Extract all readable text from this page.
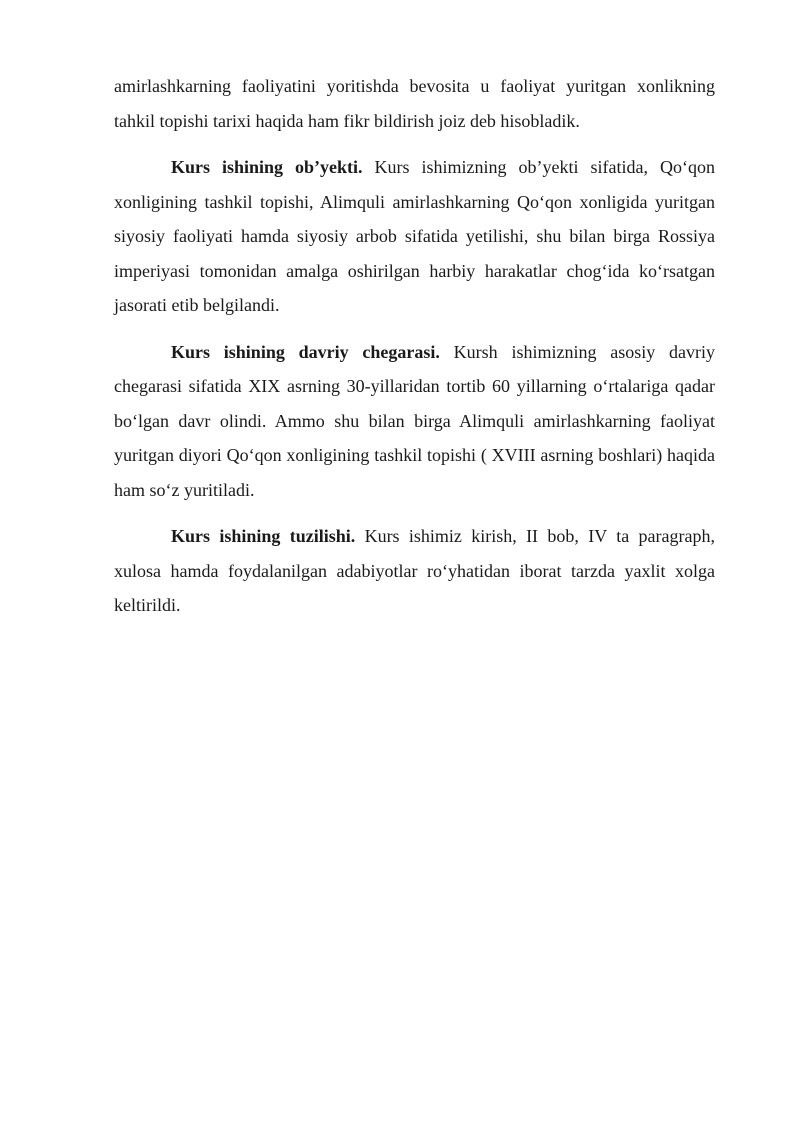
amirlashkarning faoliyatini yoritishda bevosita u faoliyat yuritgan xonlikning tahkil topishi tarixi haqida ham fikr bildirish joiz deb hisobladik.

Kurs ishining ob’yekti. Kurs ishimizning ob’yekti sifatida, Qo‘qon xonligining tashkil topishi, Alimquli amirlashkarning Qo‘qon xonligida yuritgan siyosiy faoliyati hamda siyosiy arbob sifatida yetilishi, shu bilan birga Rossiya imperiyasi tomonidan amalga oshirilgan harbiy harakatlar chog‘ida ko‘rsatgan jasorati etib belgilandi.

Kurs ishining davriy chegarasi. Kursh ishimizning asosiy davriy chegarasi sifatida XIX asrning 30-yillaridan tortib 60 yillarning o‘rtalariga qadar bo‘lgan davr olindi. Ammo shu bilan birga Alimquli amirlashkarning faoliyat yuritgan diyori Qo‘qon xonligining tashkil topishi ( XVIII asrning boshlari) haqida ham so‘z yuritiladi.

Kurs ishining tuzilishi. Kurs ishimiz kirish, II bob, IV ta paragraph, xulosa hamda foydalanilgan adabiyotlar ro‘yhatidan iborat tarzda yaxlit xolga keltirildi.
